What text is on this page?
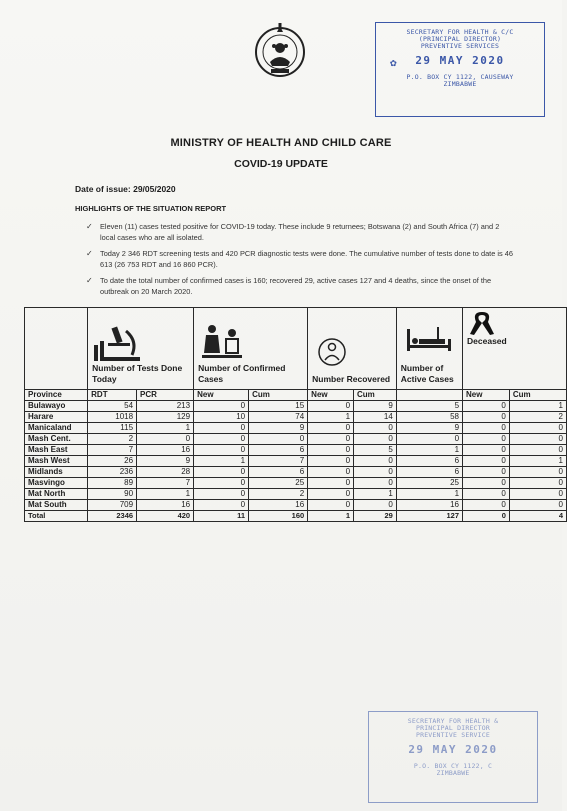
SECRETARY FOR HEALTH & C/C
(PRINCIPAL DIRECTOR)
PREVENTIVE SERVICES
29 MAY 2020
P.O. BOX CY 1122, CAUSEWAY
ZIMBABWE
✿
MINISTRY OF HEALTH AND CHILD CARE
COVID-19 UPDATE
Date of issue: 29/05/2020
HIGHLIGHTS OF THE SITUATION REPORT
✓ Eleven (11) cases tested positive for COVID-19 today. These include 9 returnees; Botswana (2) and South Africa (7) and 2 local cases who are all isolated.
✓ Today 2 346 RDT screening tests and 420 PCR diagnostic tests were done. The cumulative number of tests done to date is 46 613 (26 753 RDT and 16 860 PCR).
✓ To date the total number of confirmed cases is 160; recovered 29, active cases 127 and 4 deaths, since the onset of the outbreak on 20 March 2020.

	Number of Tests Done Today		Number of Confirmed Cases		Number Recovered		Number of Active Cases	Deceased	

Province	RDT	PCR	New	Cum	New	Cum		New	Cum
Bulawayo	54	213	0	15	0	9	5	0	1
Harare	1018	129	10	74	1	14	58	0	2
Manicaland	115	1	0	9	0	0	9	0	0
Mash Cent.	2	0	0	0	0	0	0	0	0
Mash East	7	16	0	6	0	5	1	0	0
Mash West	26	9	1	7	0	0	6	0	1
Midlands	236	28	0	6	0	0	6	0	0
Masvingo	89	7	0	25	0	0	25	0	0
Mat North	90	1	0	2	0	1	1	0	0
Mat South	709	16	0	16	0	0	16	0	0
Total	2346	420	11	160	1	29	127	0	4
SECRETARY FOR HEALTH &
PRINCIPAL DIRECTOR
PREVENTIVE SERVICE
29 MAY 2020
P.O. BOX CY 1122, C
ZIMBABWE
